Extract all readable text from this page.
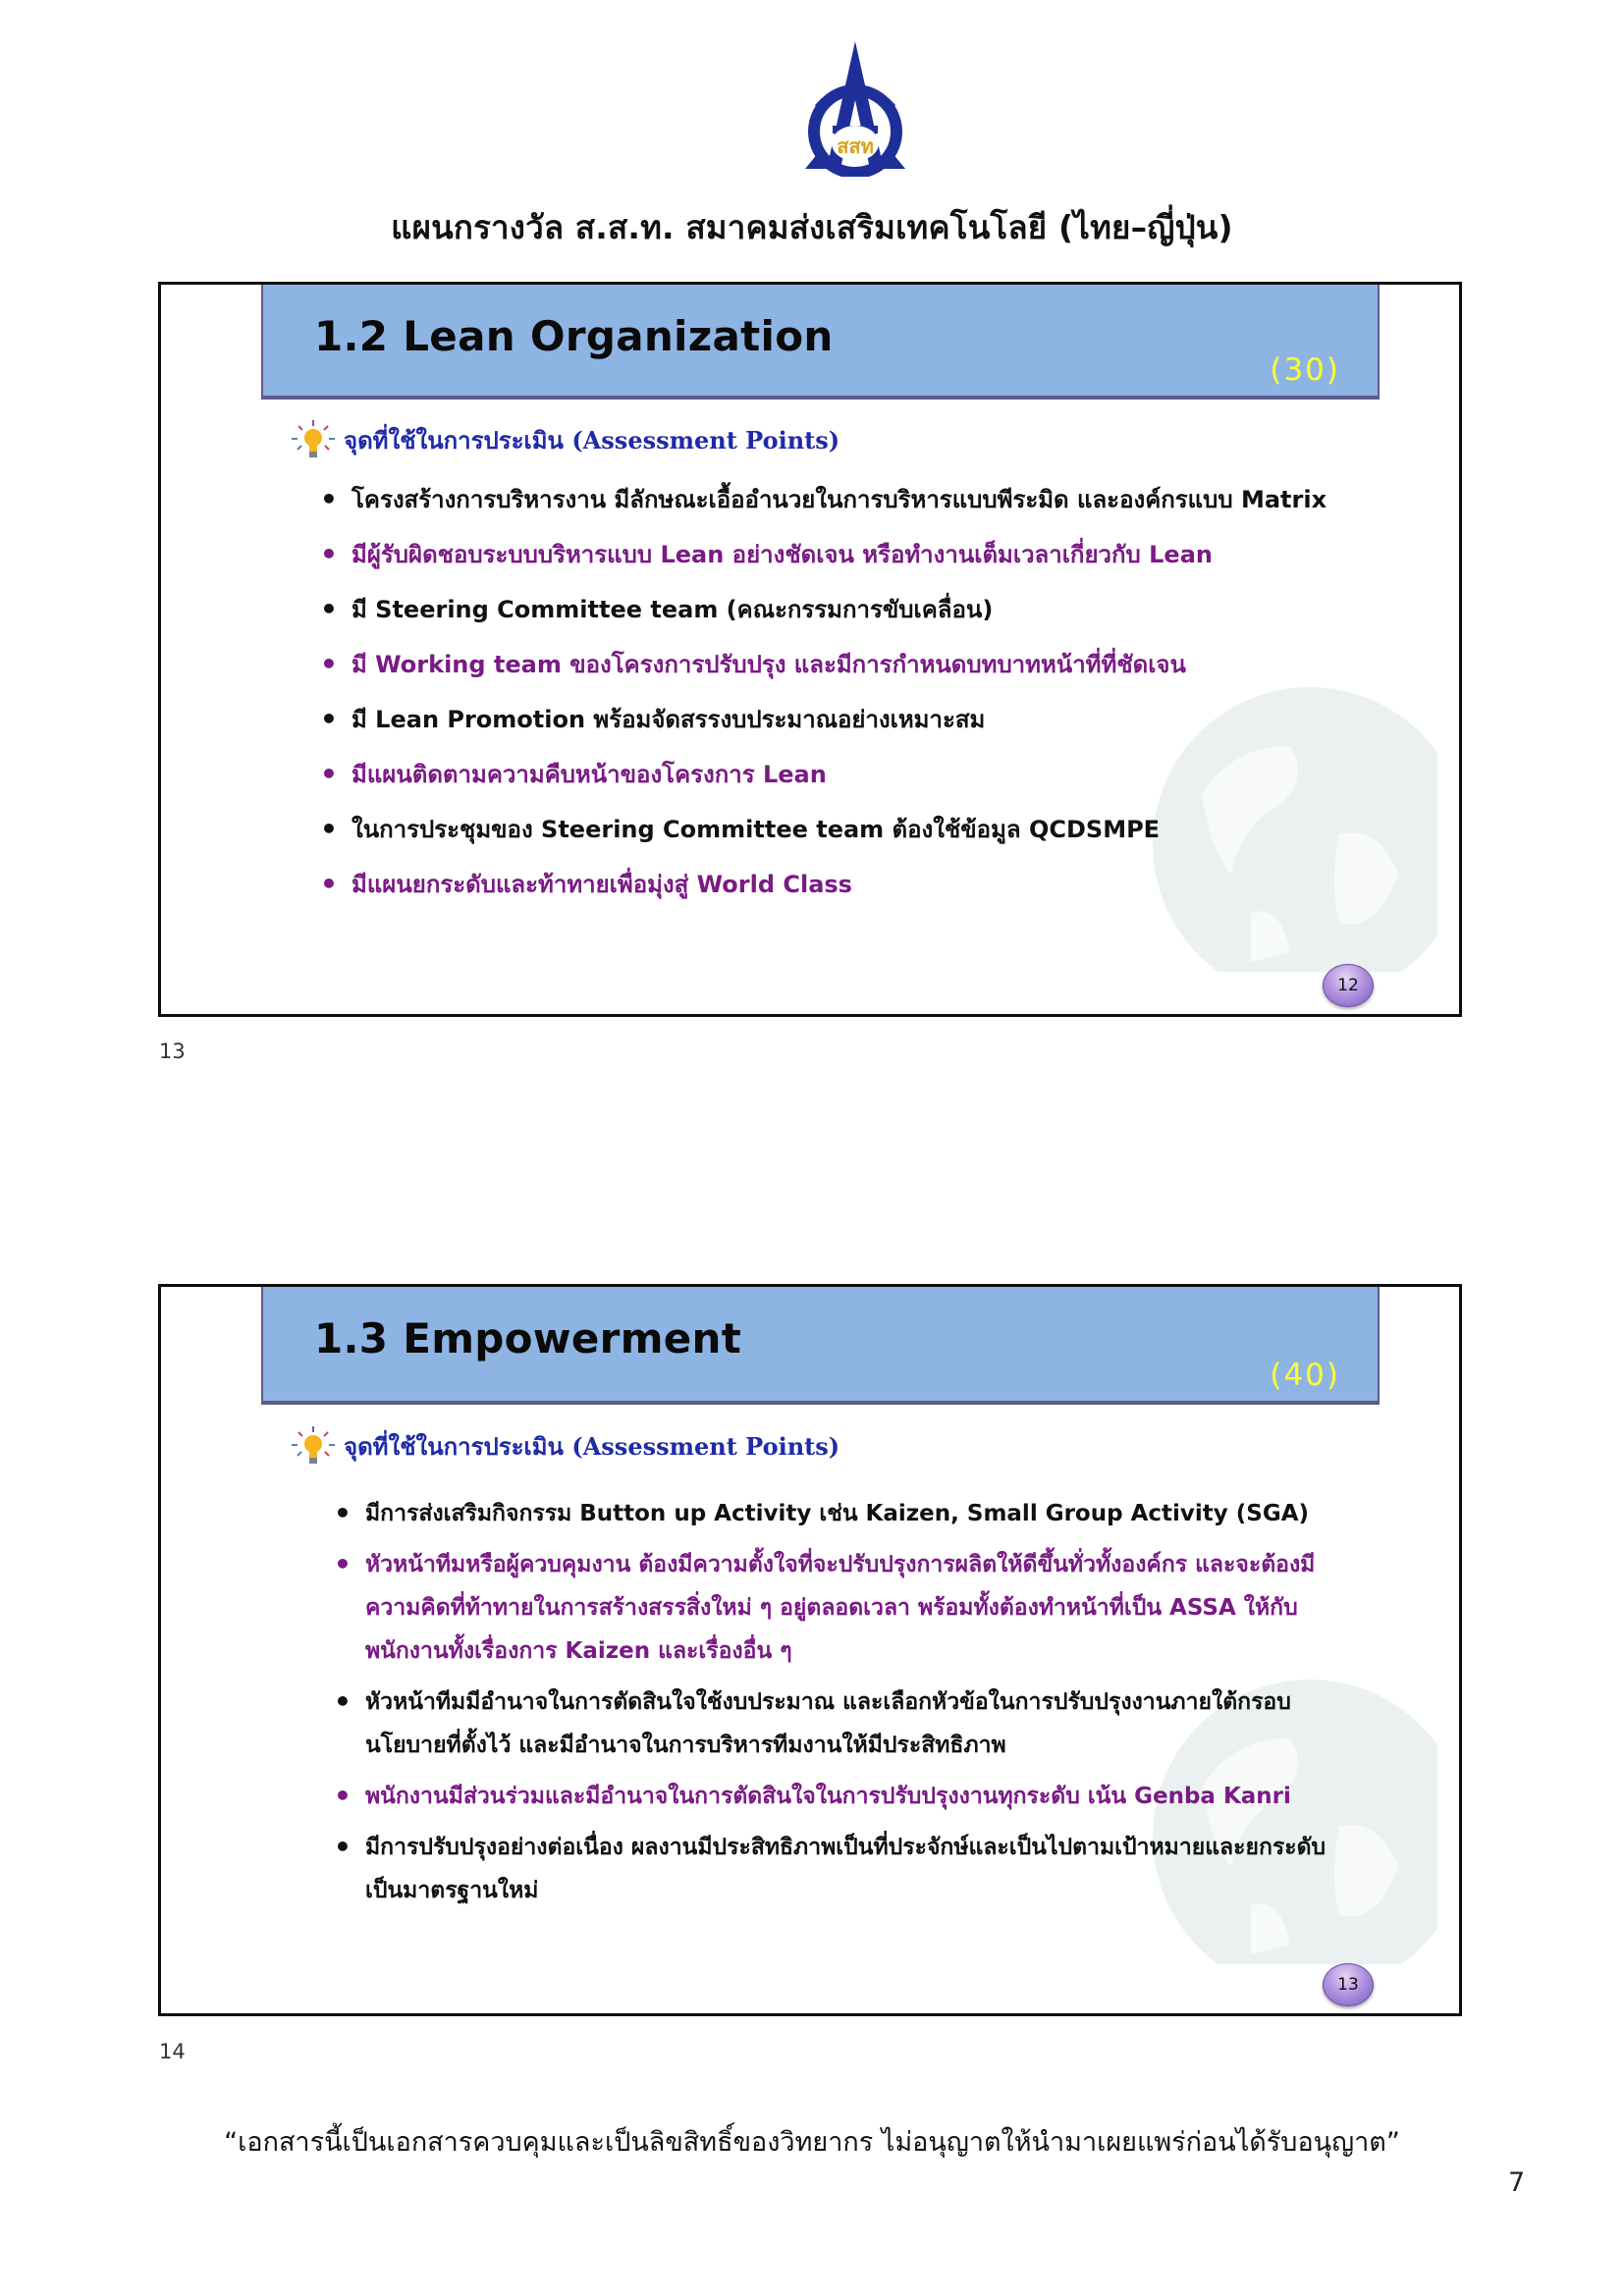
สสท
แผนกรางวัล ส.ส.ท. สมาคมส่งเสริมเทคโนโลยี (ไทย–ญี่ปุ่น)
1.2 Lean Organization
(30)
จุดที่ใช้ในการประเมิน (Assessment Points)
• โครงสร้างการบริหารงาน มีลักษณะเอื้ออำนวยในการบริหารแบบพีระมิด และองค์กรแบบ Matrix
• มีผู้รับผิดชอบระบบบริหารแบบ Lean อย่างชัดเจน หรือทำงานเต็มเวลาเกี่ยวกับ Lean
• มี Steering Committee team (คณะกรรมการขับเคลื่อน)
• มี Working team ของโครงการปรับปรุง และมีการกำหนดบทบาทหน้าที่ที่ชัดเจน
• มี Lean Promotion พร้อมจัดสรรงบประมาณอย่างเหมาะสม
• มีแผนติดตามความคืบหน้าของโครงการ Lean
• ในการประชุมของ Steering Committee team ต้องใช้ข้อมูล QCDSMPE
• มีแผนยกระดับและท้าทายเพื่อมุ่งสู่ World Class
12
13
1.3 Empowerment
(40)
จุดที่ใช้ในการประเมิน (Assessment Points)
• มีการส่งเสริมกิจกรรม Button up Activity เช่น Kaizen, Small Group Activity (SGA)
• หัวหน้าทีมหรือผู้ควบคุมงาน ต้องมีความตั้งใจที่จะปรับปรุงการผลิตให้ดีขึ้นทั่วทั้งองค์กร และจะต้องมีความคิดที่ท้าทายในการสร้างสรรสิ่งใหม่ ๆ อยู่ตลอดเวลา พร้อมทั้งต้องทำหน้าที่เป็น ASSA ให้กับพนักงานทั้งเรื่องการ Kaizen และเรื่องอื่น ๆ
• หัวหน้าทีมมีอำนาจในการตัดสินใจใช้งบประมาณ และเลือกหัวข้อในการปรับปรุงงานภายใต้กรอบนโยบายที่ตั้งไว้ และมีอำนาจในการบริหารทีมงานให้มีประสิทธิภาพ
• พนักงานมีส่วนร่วมและมีอำนาจในการตัดสินใจในการปรับปรุงงานทุกระดับ เน้น Genba Kanri
• มีการปรับปรุงอย่างต่อเนื่อง ผลงานมีประสิทธิภาพเป็นที่ประจักษ์และเป็นไปตามเป้าหมายและยกระดับเป็นมาตรฐานใหม่
13
14
“เอกสารนี้เป็นเอกสารควบคุมและเป็นลิขสิทธิ์ของวิทยากร ไม่อนุญาตให้นำมาเผยแพร่ก่อนได้รับอนุญาต”
7
